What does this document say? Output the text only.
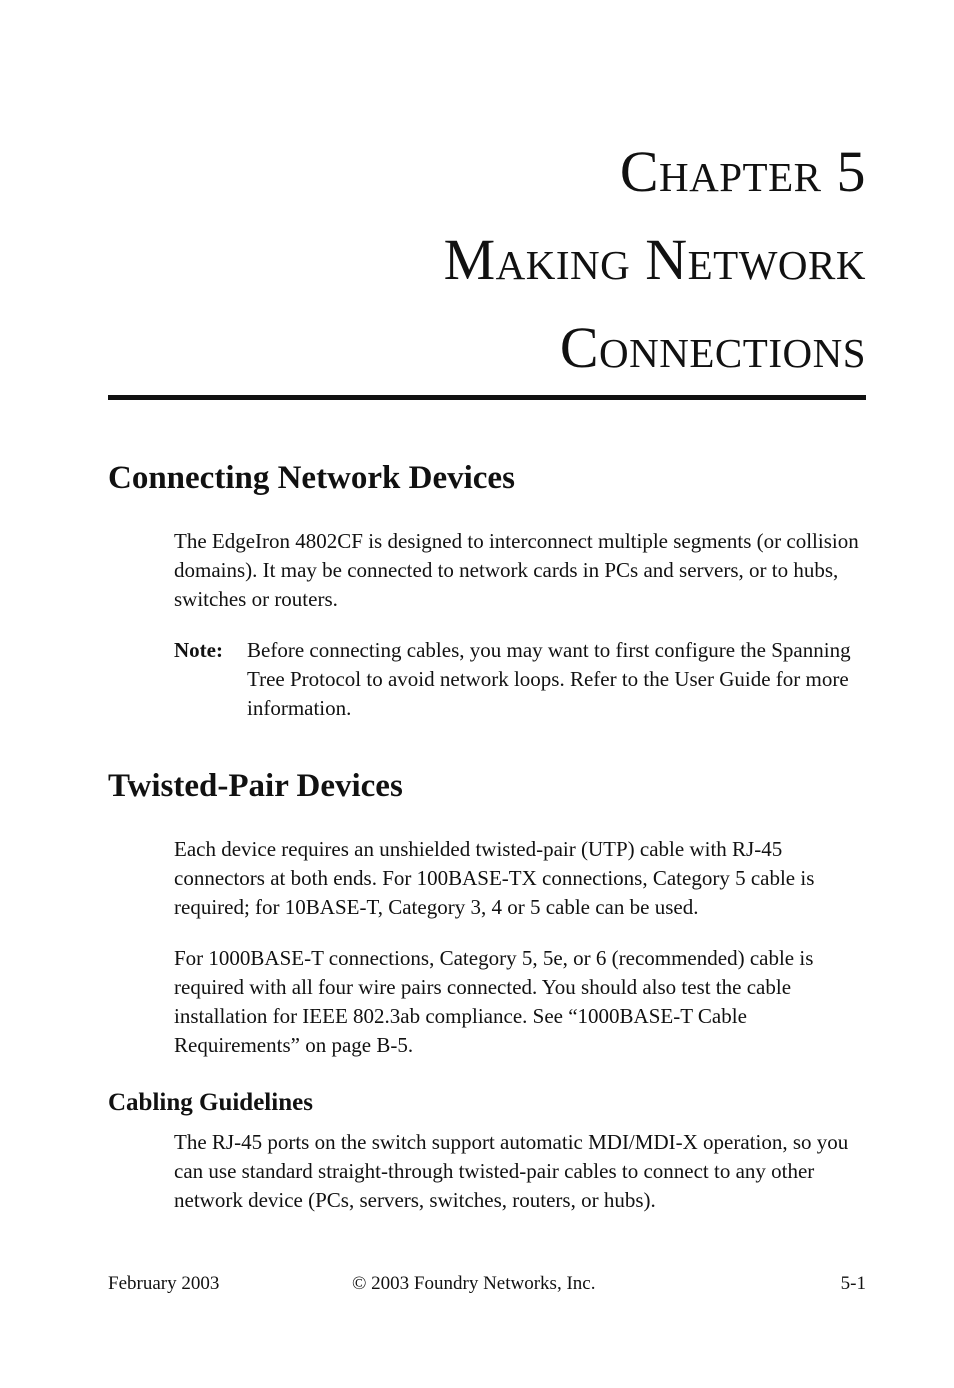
Chapter 5
Making Network
Connections
Connecting Network Devices

The EdgeIron 4802CF is designed to interconnect multiple segments (or collision domains). It may be connected to network cards in PCs and servers, or to hubs, switches or routers.

Note: Before connecting cables, you may want to first configure the Spanning Tree Protocol to avoid network loops. Refer to the User Guide for more information.

Twisted-Pair Devices

Each device requires an unshielded twisted-pair (UTP) cable with RJ-45 connectors at both ends. For 100BASE-TX connections, Category 5 cable is required; for 10BASE-T, Category 3, 4 or 5 cable can be used.

For 1000BASE-T connections, Category 5, 5e, or 6 (recommended) cable is required with all four wire pairs connected. You should also test the cable installation for IEEE 802.3ab compliance. See “1000BASE-T Cable Requirements” on page B-5.

Cabling Guidelines

The RJ-45 ports on the switch support automatic MDI/MDI-X operation, so you can use standard straight-through twisted-pair cables to connect to any other network device (PCs, servers, switches, routers, or hubs).

February 2003	© 2003 Foundry Networks, Inc.	5-1
